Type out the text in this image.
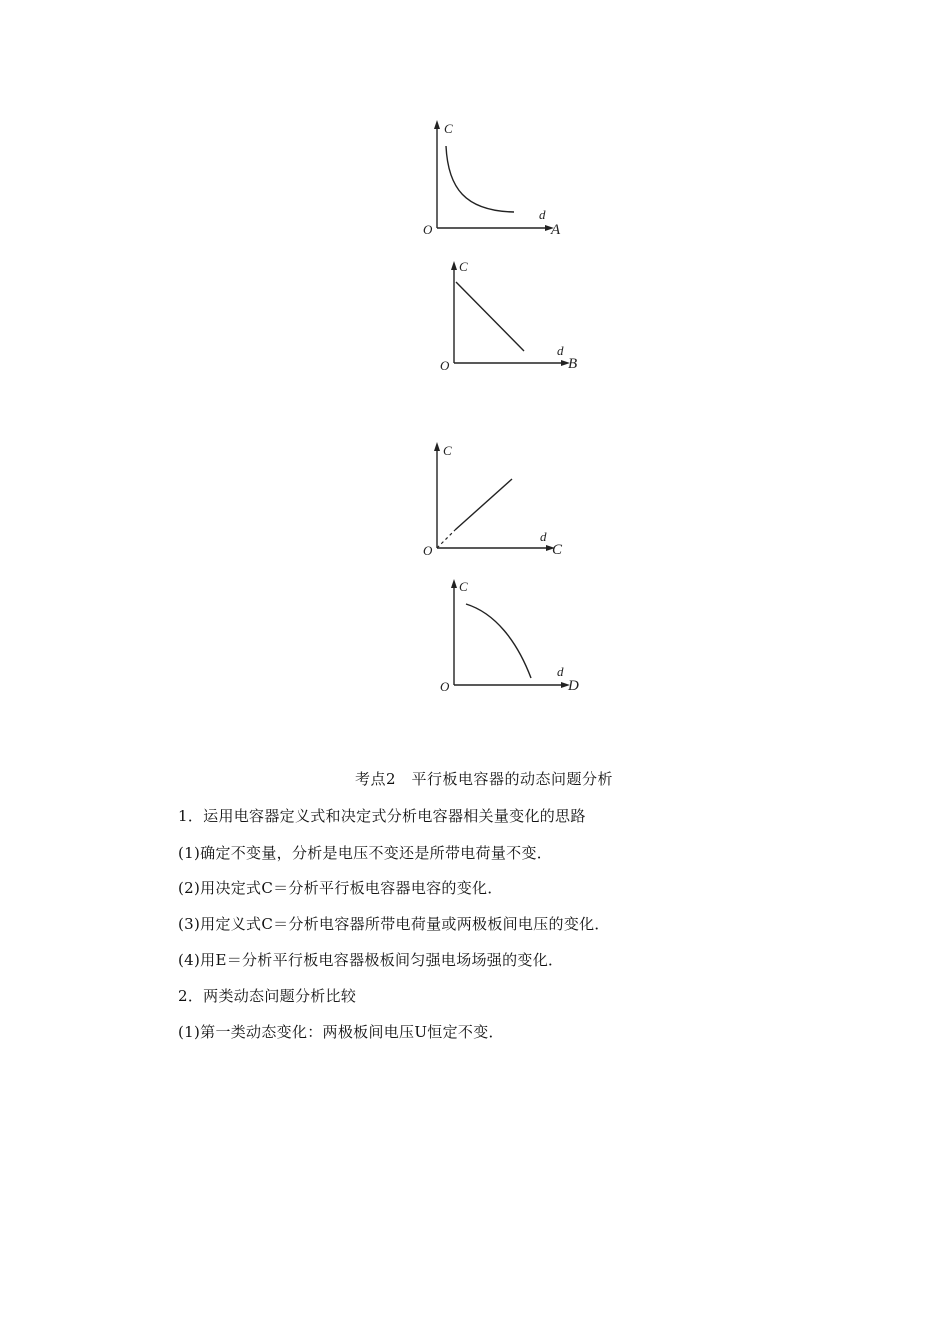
C
d
O	A
C
d
O	B
C
d
O	C
C
d
O	D
考点2　平行板电容器的动态问题分析
1．运用电容器定义式和决定式分析电容器相关量变化的思路
(1)确定不变量，分析是电压不变还是所带电荷量不变．
(2)用决定式C＝分析平行板电容器电容的变化．
(3)用定义式C＝分析电容器所带电荷量或两极板间电压的变化．
(4)用E＝分析平行板电容器极板间匀强电场场强的变化．
2．两类动态问题分析比较
(1)第一类动态变化：两极板间电压U恒定不变．
